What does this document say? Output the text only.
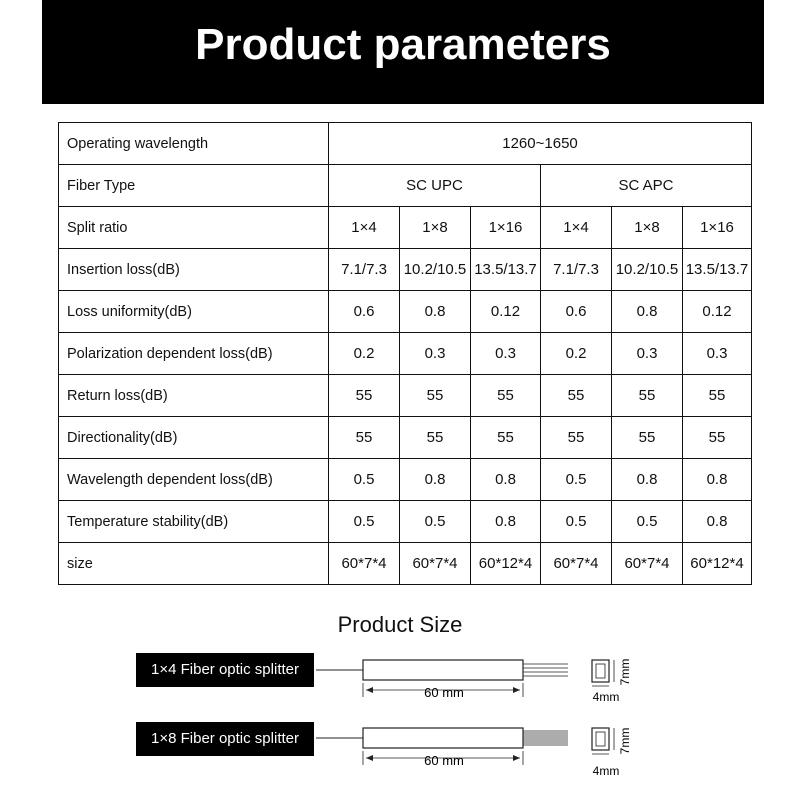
Product parameters
Operating wavelength	1260~1650					
Fiber Type	SC UPC			SC APC		
Split ratio	1×4	1×8	1×16	1×4	1×8	1×16
Insertion loss(dB)	7.1/7.3	10.2/10.5	13.5/13.7	7.1/7.3	10.2/10.5	13.5/13.7
Loss uniformity(dB)	0.6	0.8	0.12	0.6	0.8	0.12
Polarization dependent loss(dB)	0.2	0.3	0.3	0.2	0.3	0.3
Return loss(dB)	55	55	55	55	55	55
Directionality(dB)	55	55	55	55	55	55
Wavelength dependent loss(dB)	0.5	0.8	0.8	0.5	0.8	0.8
Temperature stability(dB)	0.5	0.5	0.8	0.5	0.5	0.8
size	60*7*4	60*7*4	60*12*4	60*7*4	60*7*4	60*12*4
Product Size
1×4 Fiber optic splitter
1×8 Fiber optic splitter
60 mm
7mm
4mm
60 mm
7mm
4mm
